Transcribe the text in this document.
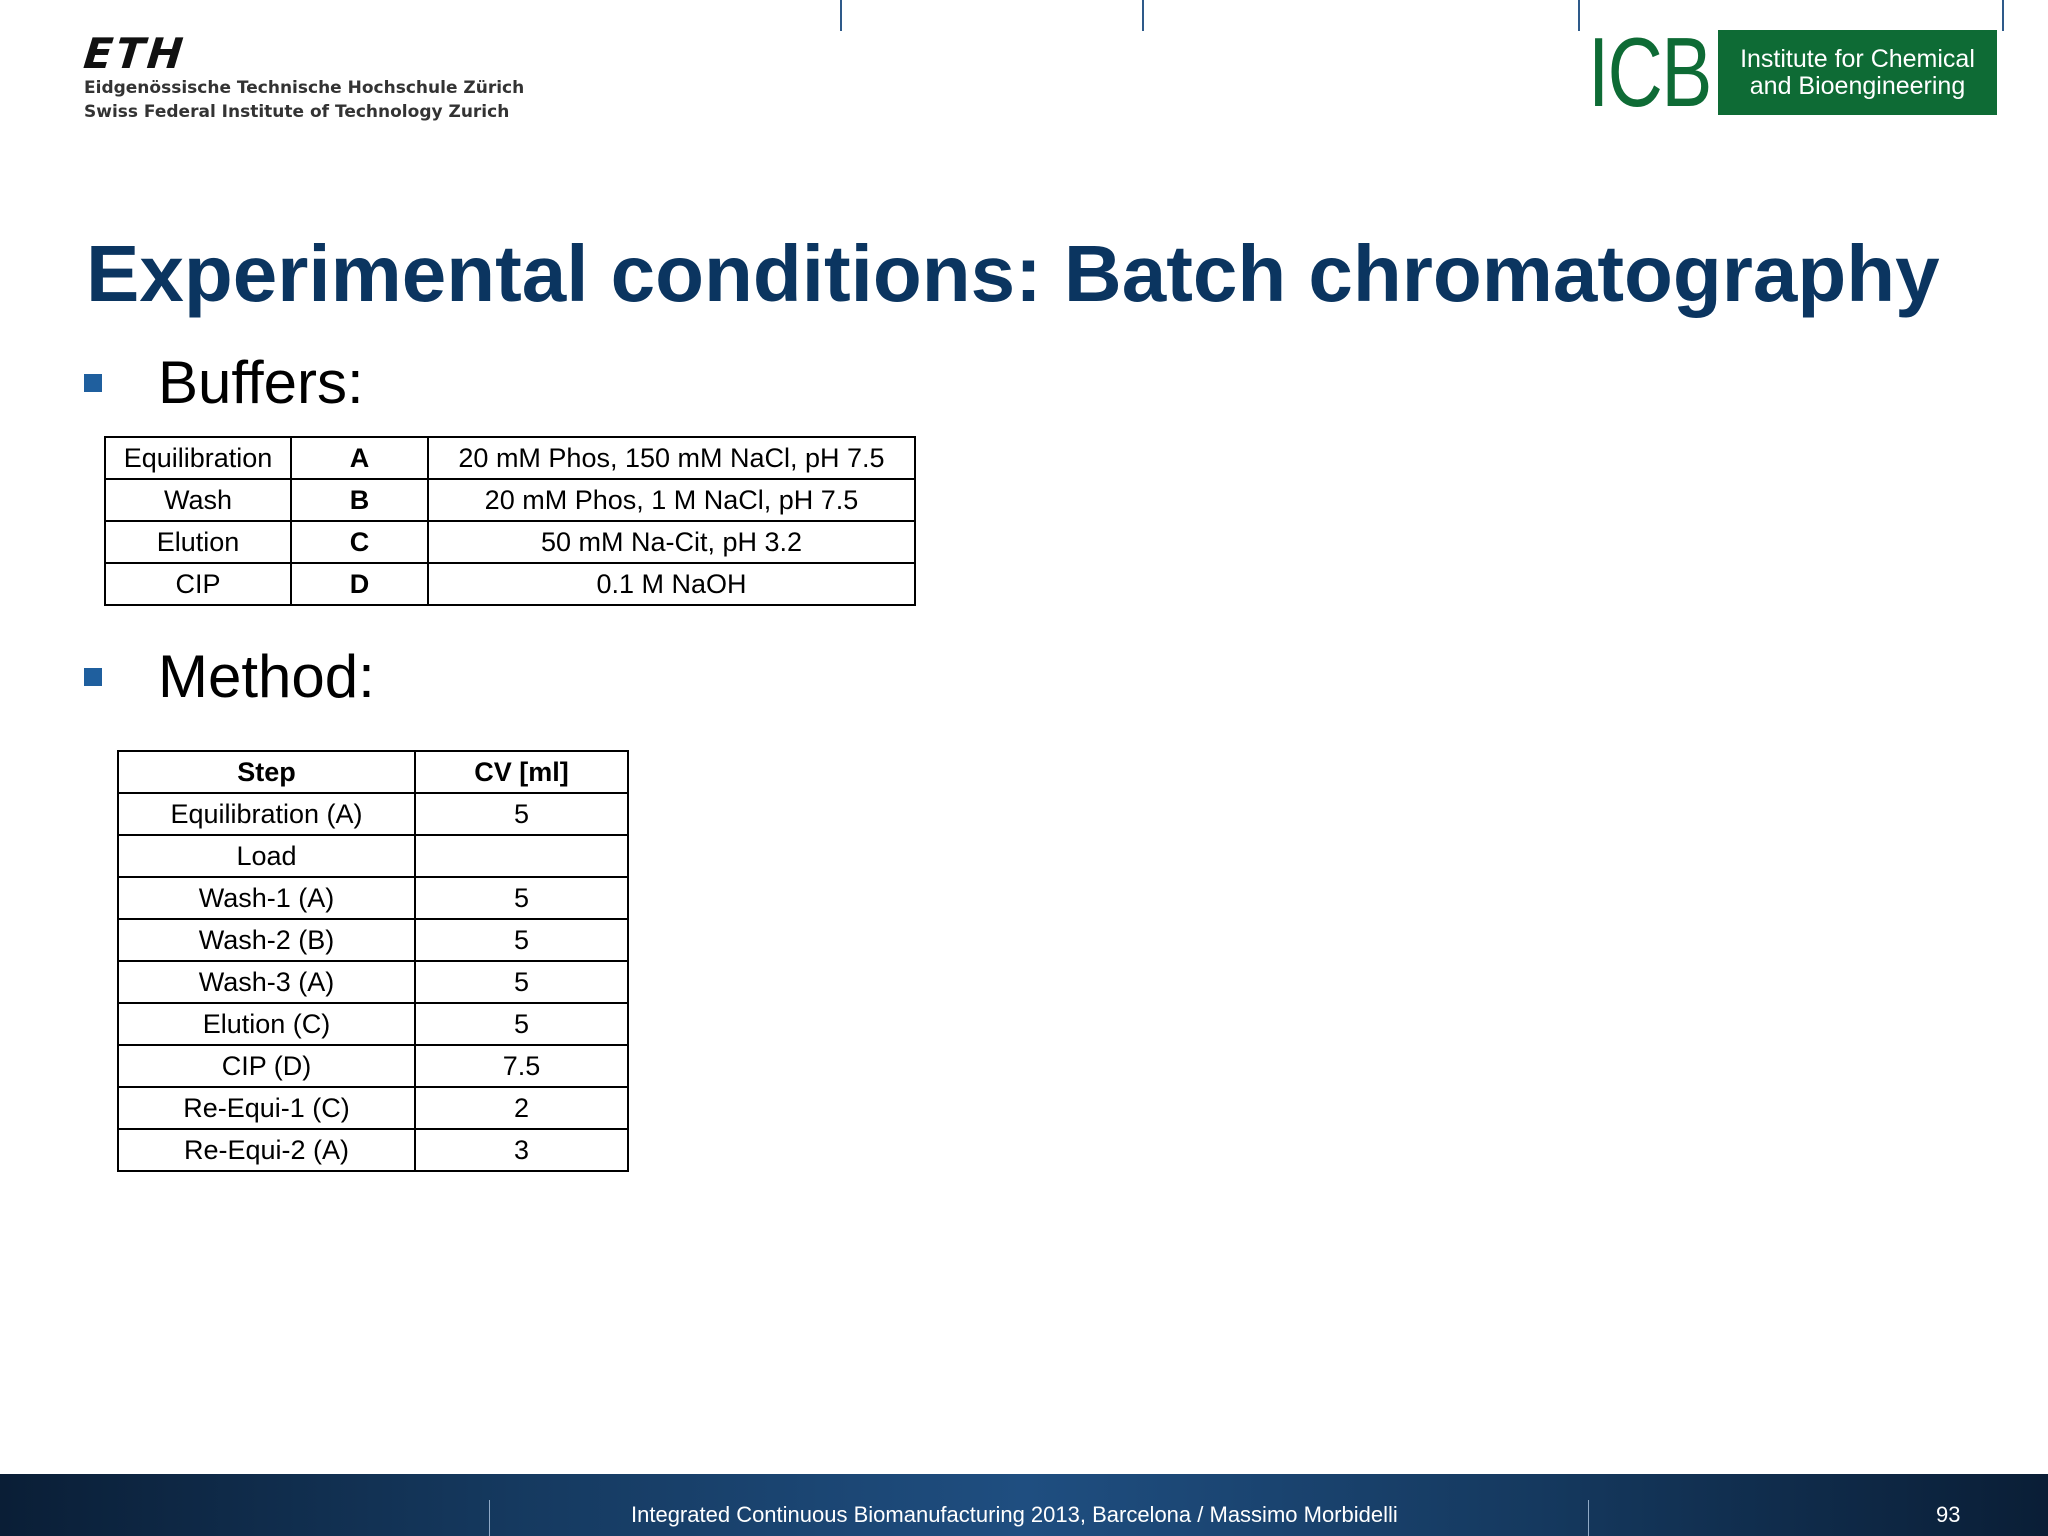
ETH
Eidgenössische Technische Hochschule Zürich
Swiss Federal Institute of Technology Zurich	ICB Institute for Chemical
and Bioengineering
Experimental conditions: Batch chromatography
Buffers:
Equilibration	A	20 mM Phos, 150 mM NaCl, pH 7.5
Wash	B	20 mM Phos, 1 M NaCl, pH 7.5
Elution	C	50 mM Na-Cit, pH 3.2
CIP	D	0.1 M NaOH
Method:
Step	CV [ml]
Equilibration (A)	5
Load	
Wash-1 (A)	5
Wash-2 (B)	5
Wash-3 (A)	5
Elution (C)	5
CIP (D)	7.5
Re-Equi-1 (C)	2
Re-Equi-2 (A)	3
Integrated Continuous Biomanufacturing 2013, Barcelona / Massimo Morbidelli	93
